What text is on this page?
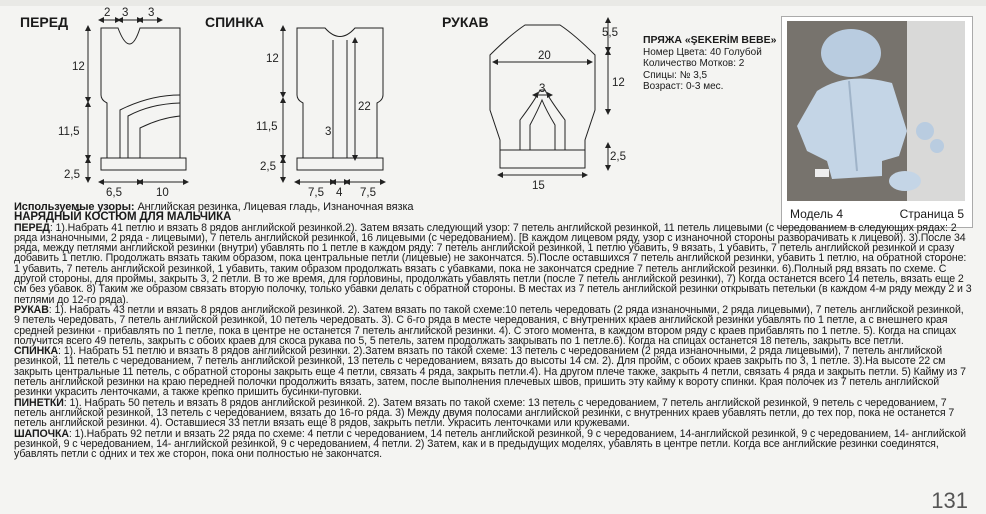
ПЕРЕД	СПИНКА	РУКАВ
2 3 3
12
11,5
2,5
6,5	10
12
22
11,5	3
2,5
7,5 4 7,5
5,5
12
20
3
2,5
15
ПРЯЖА «ŞEKERİM BEBE»
Номер Цвета: 40 Голубой
Количество Мотков: 2
Спицы: № 3,5
Возраст: 0-3 мес.
Модель 4	Страница 5

Используемые узоры: Английская резинка, Лицевая гладь, Изнаночная вязка

НАРЯДНЫЙ КОСТЮМ ДЛЯ МАЛЬЧИКА

ПЕРЕД: 1).Набрать 41 петлю и вязать 8 рядов английской резинкой.2). Затем вязать следующий узор: 7 петель английской резинкой, 11 петель лицевыми (с чередованием в следующих рядах: 2 ряда изнаночными, 2 ряда - лицевыми), 7 петель английской резинкой, 16 лицевыми (с чередованием). [В каждом лицевом ряду, узор с изнаночной стороны разворачивать к лицевой). 3).После 34 ряда, между петлями английской резинки (внутри) убавлять по 1 петле в каждом ряду: 7 петель английской резинкой, 1 петлю убавить, 9 вязать, 1 убавить, 7 петель английской резинкой и сразу добавить 1 петлю. Продолжать вязать таким образом, пока центральные петли (лицевые) не закончатся. 5).После оставшихся 7 петель английской резинки, убавить 1 петлю, на обратной стороне: 1 убавить, 7 петель английской резинкой, 1 убавить, таким образом продолжать вязать с убавками, пока не закончатся средние 7 петель английской резинки. 6).Полный ряд вязать по схеме. С другой стороны, для проймы, закрыть 3, 2 петли. В то же время, для горловины, продолжать убавлять петли (после 7 петель английской резинки), 7) Когда останется всего 14 петель, вязать еще 2 см без убавок. 8) Таким же образом связать вторую полочку, только убавки делать с обратной стороны. В местах из 7 петель английской резинки открывать петельки (в каждом 4-м ряду между 2 и 3 петлями до 12-го ряда).

РУКАВ: 1). Набрать 43 петли и вязать 8 рядов английской резинкой. 2). Затем вязать по такой схеме:10 петель чередовать (2 ряда изнаночными, 2 ряда лицевыми), 7 петель английской резинкой, 9 петель чередовать, 7 петель английской резинкой, 10 петель чередовать. 3). С 6-го ряда в месте чередования, с внутренних краев английской резинки убавлять по 1 петле, а с внешнего края средней резинки - прибавлять по 1 петле, пока в центре не останется 7 петель английской резинки. 4). С этого момента, в каждом втором ряду с краев прибавлять по 1 петле. 5). Когда на спицах получится всего 49 петель, закрыть с обоих краев для скоса рукава по 5, 5 петель, затем продолжать закрывать по 1 петле.6). Когда на спицах останется 18 петель, закрыть все петли.

СПИНКА: 1). Набрать 51 петлю и вязать 8 рядов английской резинки. 2).Затем вязать по такой схеме: 13 петель с чередованием (2 ряда изнаночными, 2 ряда лицевыми), 7 петель английской резинкой, 11 петель с чередованием, 7 петель английской резинкой, 13 петель с чередованием, вязать до высоты 14 см. 2). Для пройм, с обоих краев закрыть по 3, 1 петле. 3).На высоте 22 см закрыть центральные 11 петель, с обратной стороны закрыть еще 4 петли, связать 4 ряда, закрыть петли.4). На другом плече также, закрыть 4 петли, связать 4 ряда и закрыть петли. 5) Кайму из 7 петель английской резинки на краю передней полочки продолжить вязать, затем, после выполнения плечевых швов, пришить эту кайму к вороту спинки. Края полочек из 7 петель английской резинки украсить ленточками, а также крепко пришить бусинки-пуговки.

ПИНЕТКИ: 1). Набрать 50 петель и вязать 8 рядов английской резинкой. 2). Затем вязать по такой схеме: 13 петель с чередованием, 7 петель английской резинкой, 9 петель с чередованием, 7 петель английской резинкой, 13 петель с чередованием, вязать до 16-го ряда. 3) Между двумя полосами английской резинки, с внутренних краев убавлять петли, до тех пор, пока не останется 7 петель английской резинки. 4). Оставшиеся 33 петли вязать еще 8 рядов, закрыть петли. Украсить ленточками или кружевами.

ШАПОЧКА: 1).Набрать 92 петли и вязать 22 ряда по схеме: 4 петли с чередованием, 14 петель английской резинкой, 9 с чередованием, 14-английской резинкой, 9 с чередованием, 14- английской резинкой, 9 с чередованием, 14- английской резинкой, 9 с чередованием, 4 петли. 2) Затем, как и в предыдущих моделях, убавлять в центре петли. Когда все английские резинки соединятся, убавлять петли с одних и тех же сторон, пока они полностью не закончатся.

131
